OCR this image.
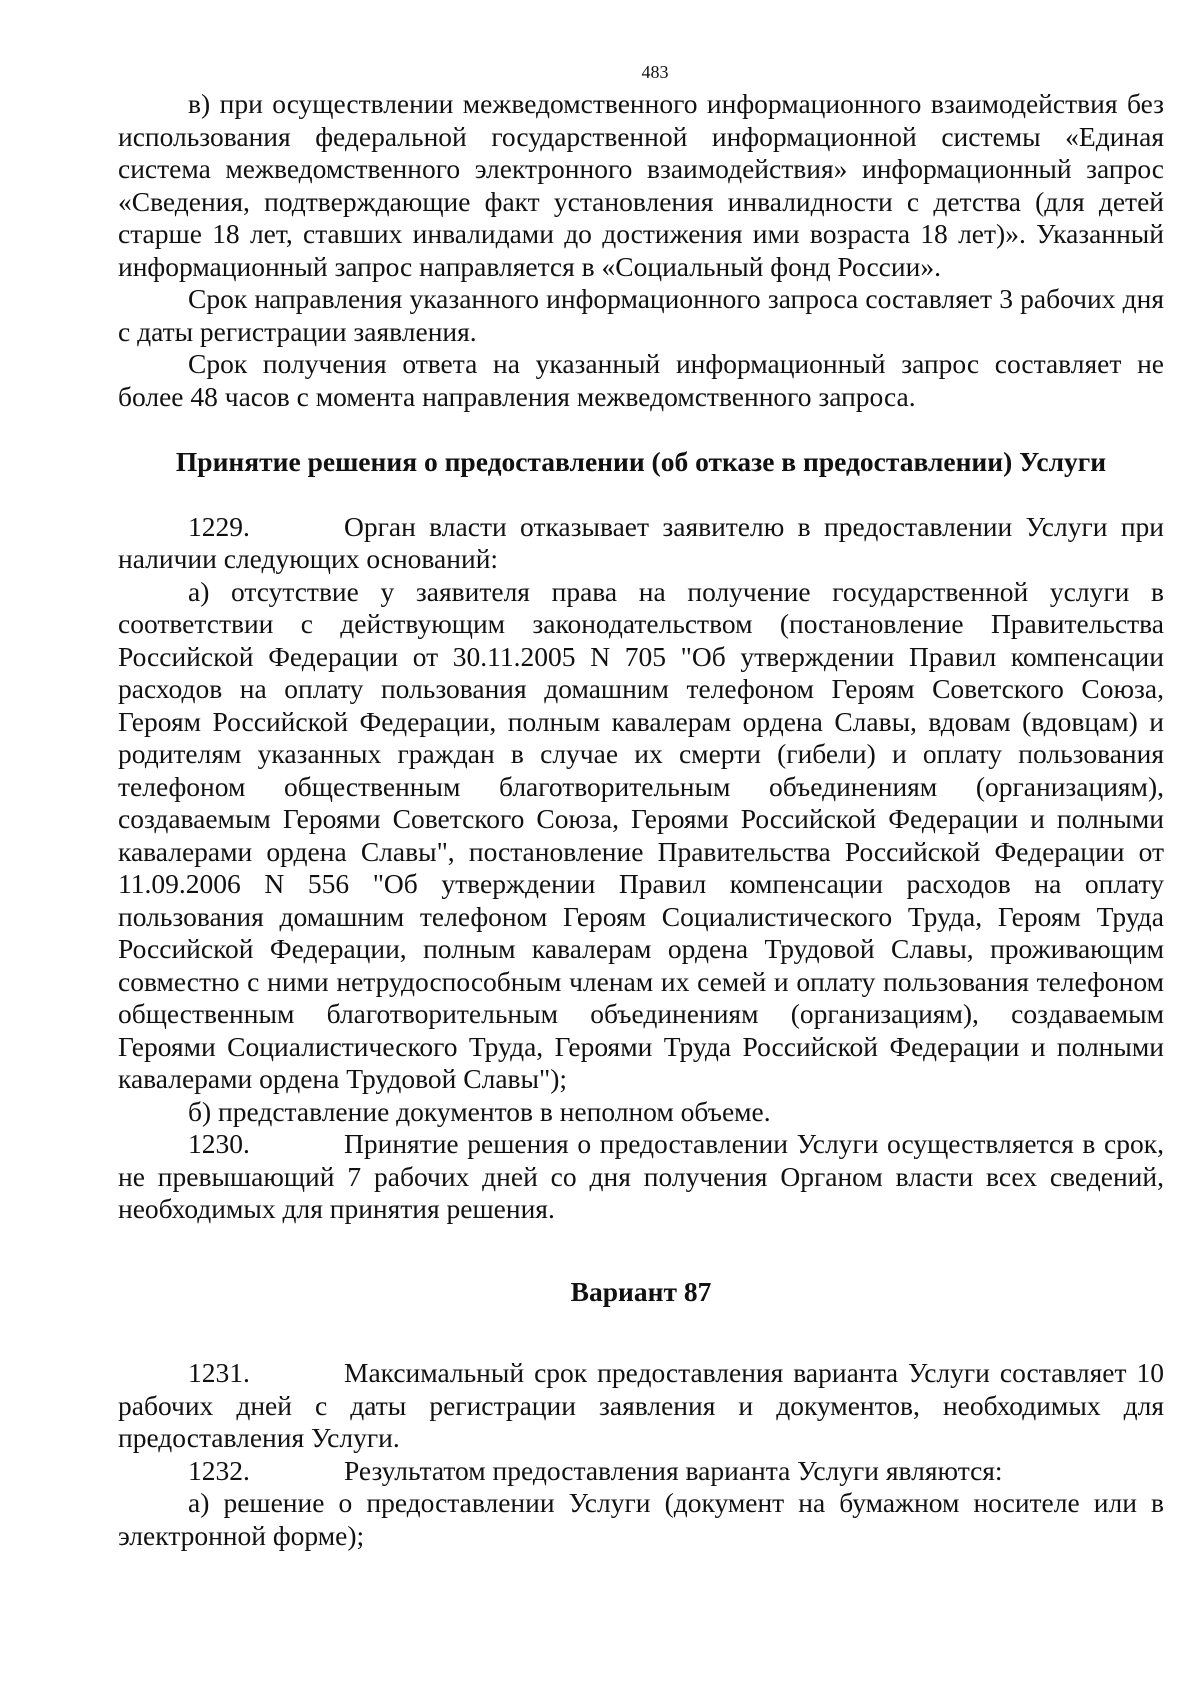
483

в) при осуществлении межведомственного информационного взаимодействия без использования федеральной государственной информационной системы «Единая система межведомственного электронного взаимодействия» информационный запрос «Сведения, подтверждающие факт установления инвалидности с детства (для детей старше 18 лет, ставших инвалидами до достижения ими возраста 18 лет)». Указанный информационный запрос направляется в «Социальный фонд России».

Срок направления указанного информационного запроса составляет 3 рабочих дня с даты регистрации заявления.

Срок получения ответа на указанный информационный запрос составляет не более 48 часов с момента направления межведомственного запроса.

Принятие решения о предоставлении (об отказе в предоставлении) Услуги

1229.	Орган власти отказывает заявителю в предоставлении Услуги при наличии следующих оснований:

а) отсутствие у заявителя права на получение государственной услуги в соответствии с действующим законодательством (постановление Правительства Российской Федерации от 30.11.2005 N 705 "Об утверждении Правил компенсации расходов на оплату пользования домашним телефоном Героям Советского Союза, Героям Российской Федерации, полным кавалерам ордена Славы, вдовам (вдовцам) и родителям указанных граждан в случае их смерти (гибели) и оплату пользования телефоном общественным благотворительным объединениям (организациям), создаваемым Героями Советского Союза, Героями Российской Федерации и полными кавалерами ордена Славы", постановление Правительства Российской Федерации от 11.09.2006 N 556 "Об утверждении Правил компенсации расходов на оплату пользования домашним телефоном Героям Социалистического Труда, Героям Труда Российской Федерации, полным кавалерам ордена Трудовой Славы, проживающим совместно с ними нетрудоспособным членам их семей и оплату пользования телефоном общественным благотворительным объединениям (организациям), создаваемым Героями Социалистического Труда, Героями Труда Российской Федерации и полными кавалерами ордена Трудовой Славы");

б) представление документов в неполном объеме.

1230.	Принятие решения о предоставлении Услуги осуществляется в срок, не превышающий 7 рабочих дней со дня получения Органом власти всех сведений, необходимых для принятия решения.

Вариант 87

1231.	Максимальный срок предоставления варианта Услуги составляет 10 рабочих дней с даты регистрации заявления и документов, необходимых для предоставления Услуги.

1232.	Результатом предоставления варианта Услуги являются:

а) решение о предоставлении Услуги (документ на бумажном носителе или в электронной форме);
